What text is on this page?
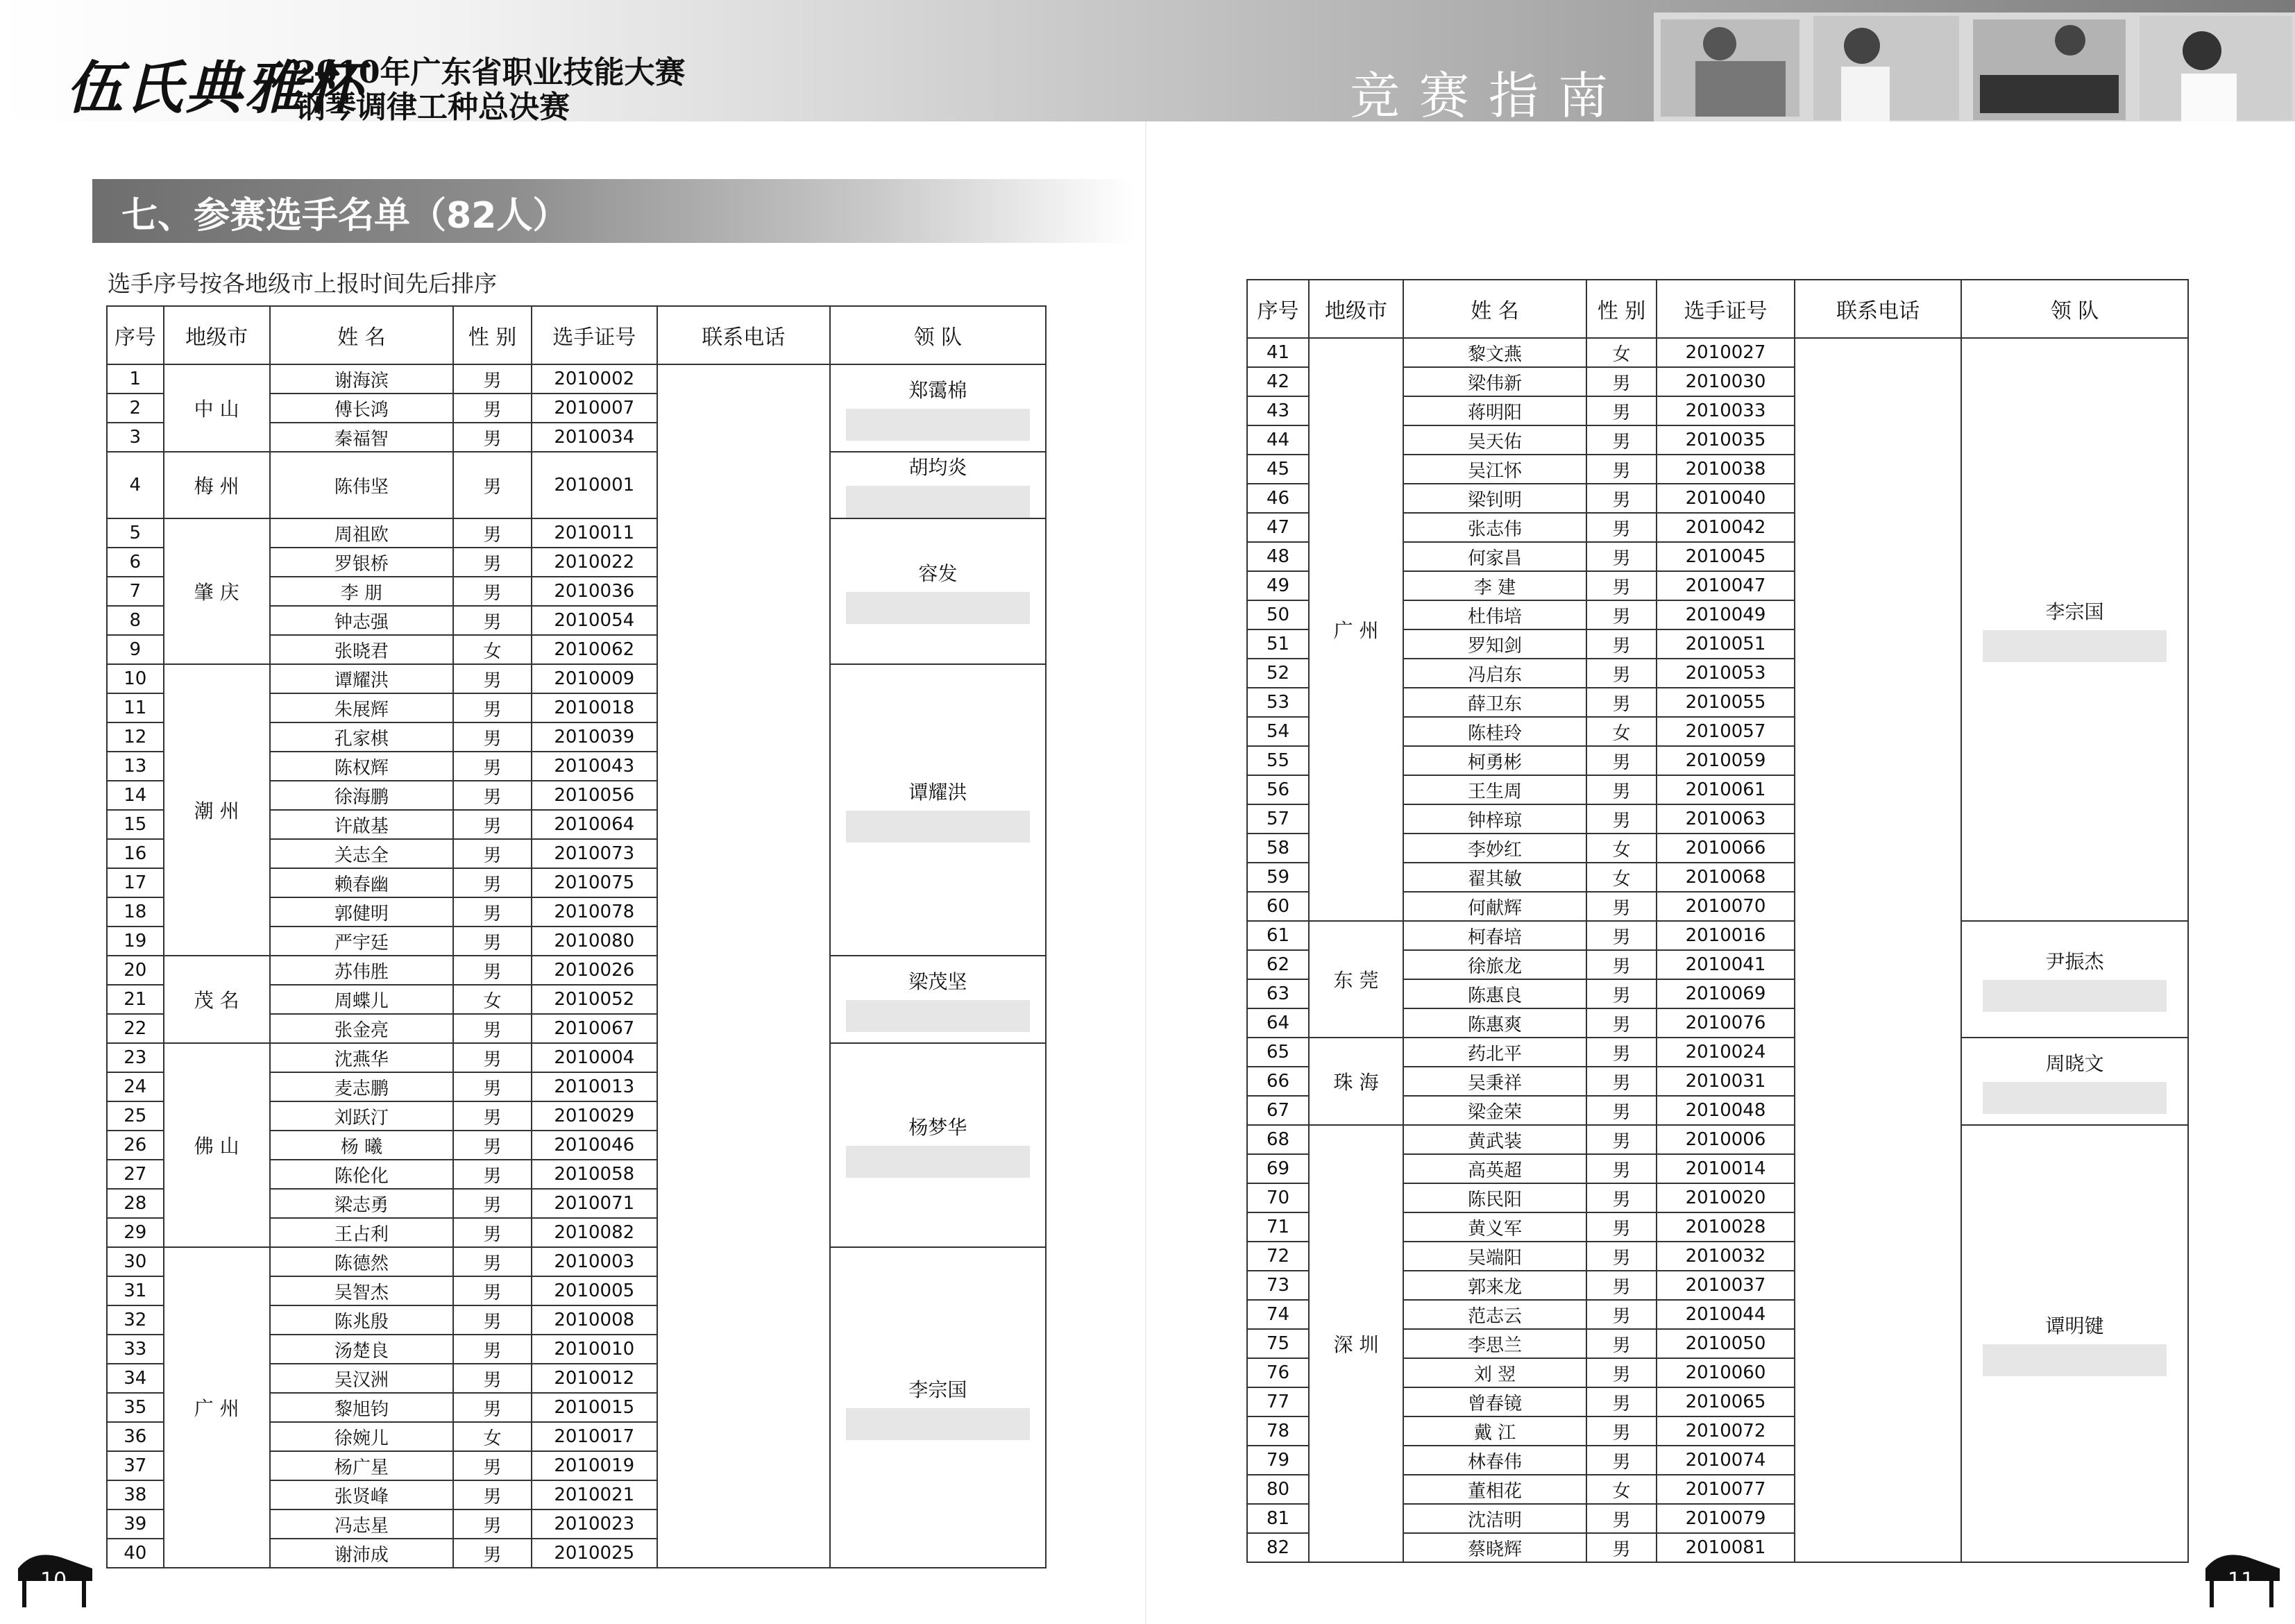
伍氏典雅杯
2010年广东省职业技能大赛
钢琴调律工种总决赛	竞赛指南
七、参赛选手名单（82人）
选手序号按各地级市上报时间先后排序
序号	地级市	姓 名	性 别	选手证号	联系电话	领 队
1	中 山	谢海滨	男	2010002		郑霭棉

2		傅长鸿	男	2010007		
3		秦福智	男	2010034		
4	梅 州	陈伟坚	男	2010001		胡均炎

5	肇 庆	周祖欧	男	2010011		容发

6		罗银桥	男	2010022		
7		李 朋	男	2010036		
8		钟志强	男	2010054		
9		张晓君	女	2010062		
10	潮 州	谭耀洪	男	2010009		谭耀洪

11		朱展辉	男	2010018		
12		孔家棋	男	2010039		
13		陈权辉	男	2010043		
14		徐海鹏	男	2010056		
15		许啟基	男	2010064		
16		关志全	男	2010073		
17		赖春幽	男	2010075		
18		郭健明	男	2010078		
19		严宇廷	男	2010080		
20	茂 名	苏伟胜	男	2010026		梁茂坚

21		周蝶儿	女	2010052		
22		张金亮	男	2010067		
23	佛 山	沈燕华	男	2010004		杨梦华

24		麦志鹏	男	2010013		
25		刘跃汀	男	2010029		
26		杨 曦	男	2010046		
27		陈伦化	男	2010058		
28		梁志勇	男	2010071		
29		王占利	男	2010082		
30	广 州	陈德然	男	2010003		李宗国

31		吴智杰	男	2010005		
32		陈兆殷	男	2010008		
33		汤楚良	男	2010010		
34		吴汉洲	男	2010012		
35		黎旭钧	男	2010015		
36		徐婉儿	女	2010017		
37		杨广星	男	2010019		
38		张贤峰	男	2010021		
39		冯志星	男	2010023		
40		谢沛成	男	2010025		
序号	地级市	姓 名	性 别	选手证号	联系电话	领 队
41	广 州	黎文燕	女	2010027		李宗国

42		梁伟新	男	2010030		
43		蒋明阳	男	2010033		
44		吴天佑	男	2010035		
45		吴江怀	男	2010038		
46		梁钊明	男	2010040		
47		张志伟	男	2010042		
48		何家昌	男	2010045		
49		李 建	男	2010047		
50		杜伟培	男	2010049		
51		罗知剑	男	2010051		
52		冯启东	男	2010053		
53		薛卫东	男	2010055		
54		陈桂玲	女	2010057		
55		柯勇彬	男	2010059		
56		王生周	男	2010061		
57		钟梓琼	男	2010063		
58		李妙红	女	2010066		
59		翟其敏	女	2010068		
60		何献辉	男	2010070		
61	东 莞	柯春培	男	2010016		尹振杰

62		徐旅龙	男	2010041		
63		陈惠良	男	2010069		
64		陈惠爽	男	2010076		
65	珠 海	药北平	男	2010024		周晓文

66		吴秉祥	男	2010031		
67		梁金荣	男	2010048		
68	深 圳	黄武装	男	2010006		谭明键

69		高英超	男	2010014		
70		陈民阳	男	2010020		
71		黄义军	男	2010028		
72		吴端阳	男	2010032		
73		郭来龙	男	2010037		
74		范志云	男	2010044		
75		李思兰	男	2010050		
76		刘 翌	男	2010060		
77		曾春镜	男	2010065		
78		戴 江	男	2010072		
79		林春伟	男	2010074		
80		董相花	女	2010077		
81		沈洁明	男	2010079		
82		蔡晓辉	男	2010081		
10	11
